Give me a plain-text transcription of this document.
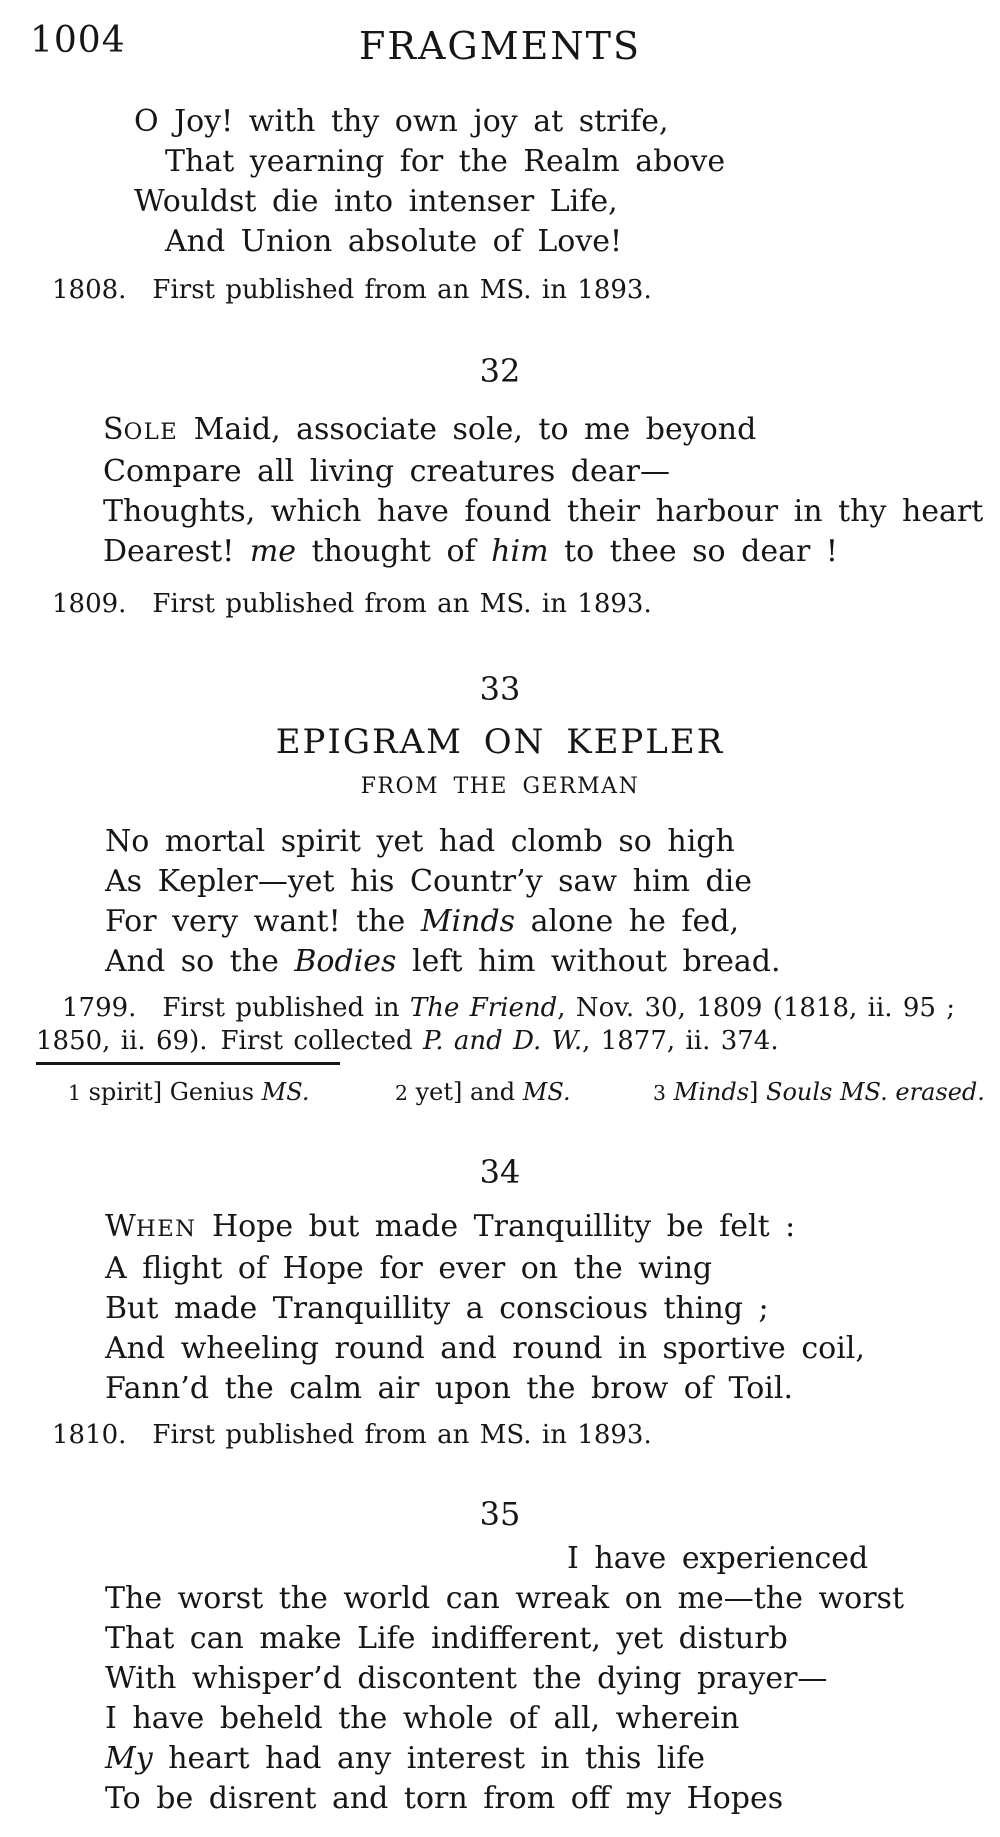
1004	FRAGMENTS
O Joy! with thy own joy at strife,
That yearning for the Realm above
Wouldst die into intenser Life,
And Union absolute of Love!

1808. First published from an MS. in 1893.

32
SOLE Maid, associate sole, to me beyond
Compare all living creatures dear—
Thoughts, which have found their harbour in thy heart
Dearest! me thought of him to thee so dear !

1809. First published from an MS. in 1893.

33
EPIGRAM ON KEPLER
FROM THE GERMAN
No mortal spirit yet had clomb so high
As Kepler—yet his Countr’y saw him die
For very want! the Minds alone he fed,
And so the Bodies left him without bread.

1799. First published in The Friend, Nov. 30, 1809 (1818, ii. 95 ; 1850, ii. 69). First collected P. and D. W., 1877, ii. 374.

1 spirit] Genius MS.	2 yet] and MS.	3 Minds] Souls MS. erased.
34
WHEN Hope but made Tranquillity be felt :
A flight of Hope for ever on the wing
But made Tranquillity a conscious thing ;
And wheeling round and round in sportive coil,
Fann’d the calm air upon the brow of Toil.

1810. First published from an MS. in 1893.

35
I have experienced
The worst the world can wreak on me—the worst
That can make Life indifferent, yet disturb
With whisper’d discontent the dying prayer—
I have beheld the whole of all, wherein
My heart had any interest in this life
To be disrent and torn from off my Hopes
